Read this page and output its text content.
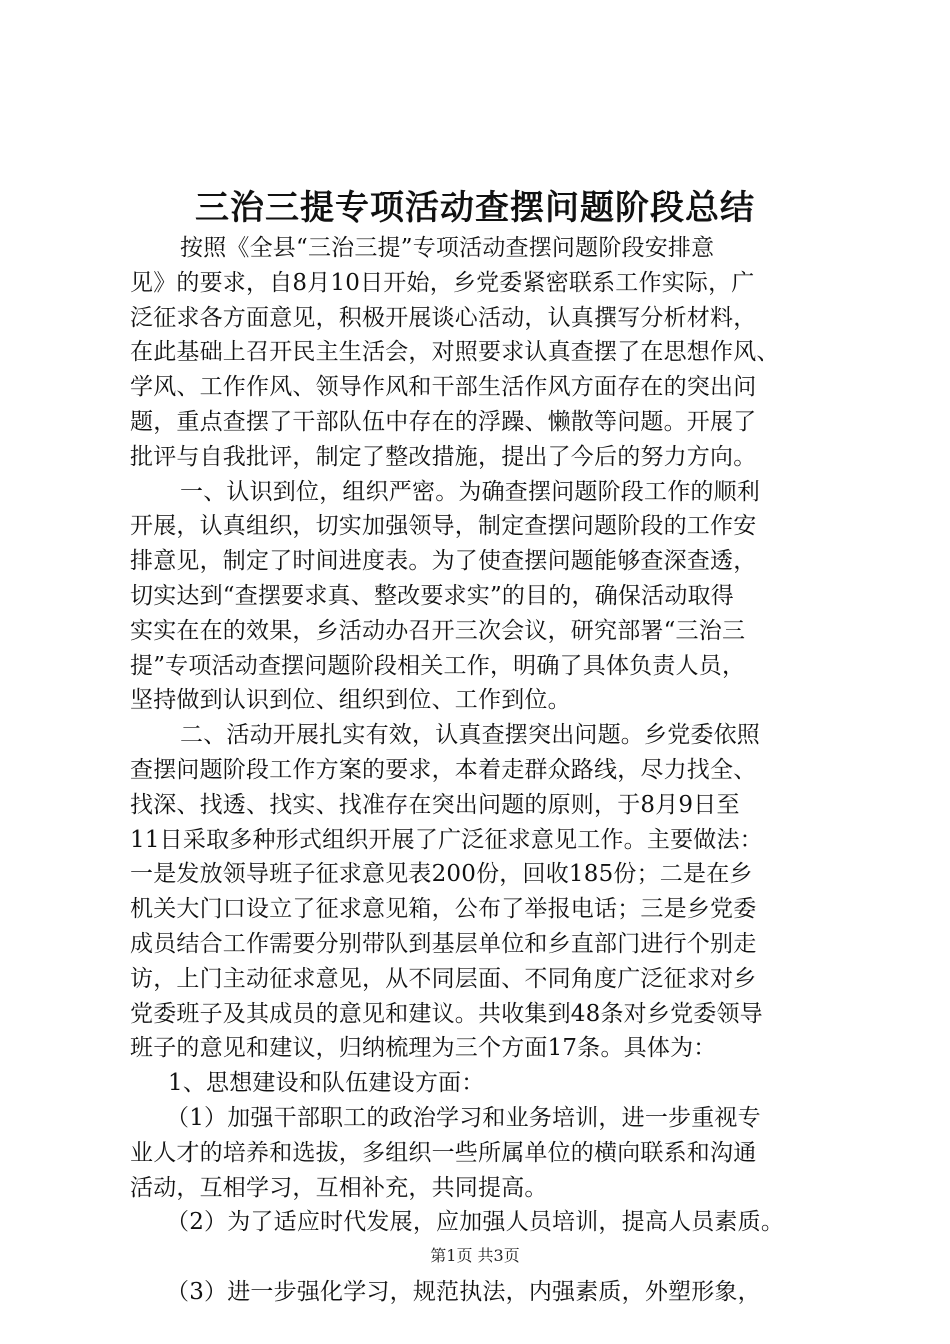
三治三提专项活动查摆问题阶段总结
按照《全县“三治三提”专项活动查摆问题阶段安排意
见》的要求，自8月10日开始，乡党委紧密联系工作实际，广
泛征求各方面意见，积极开展谈心活动，认真撰写分析材料，
在此基础上召开民主生活会，对照要求认真查摆了在思想作风、
学风、工作作风、领导作风和干部生活作风方面存在的突出问
题，重点查摆了干部队伍中存在的浮躁、懒散等问题。开展了
批评与自我批评，制定了整改措施，提出了今后的努力方向。
一、认识到位，组织严密。为确查摆问题阶段工作的顺利
开展，认真组织，切实加强领导，制定查摆问题阶段的工作安
排意见，制定了时间进度表。为了使查摆问题能够查深查透，
切实达到“查摆要求真、整改要求实”的目的，确保活动取得
实实在在的效果，乡活动办召开三次会议，研究部署“三治三
提”专项活动查摆问题阶段相关工作，明确了具体负责人员，
坚持做到认识到位、组织到位、工作到位。
二、活动开展扎实有效，认真查摆突出问题。乡党委依照
查摆问题阶段工作方案的要求，本着走群众路线，尽力找全、
找深、找透、找实、找准存在突出问题的原则，于8月9日至
11日采取多种形式组织开展了广泛征求意见工作。主要做法：
一是发放领导班子征求意见表200份，回收185份；二是在乡
机关大门口设立了征求意见箱，公布了举报电话；三是乡党委
成员结合工作需要分别带队到基层单位和乡直部门进行个别走
访，上门主动征求意见，从不同层面、不同角度广泛征求对乡
党委班子及其成员的意见和建议。共收集到48条对乡党委领导
班子的意见和建议，归纳梳理为三个方面17条。具体为：
1、思想建设和队伍建设方面：
（1）加强干部职工的政治学习和业务培训，进一步重视专
业人才的培养和选拔，多组织一些所属单位的横向联系和沟通
活动，互相学习，互相补充，共同提高。
（2）为了适应时代发展，应加强人员培训，提高人员素质。
（3）进一步强化学习，规范执法，内强素质，外塑形象，
第1页 共3页
